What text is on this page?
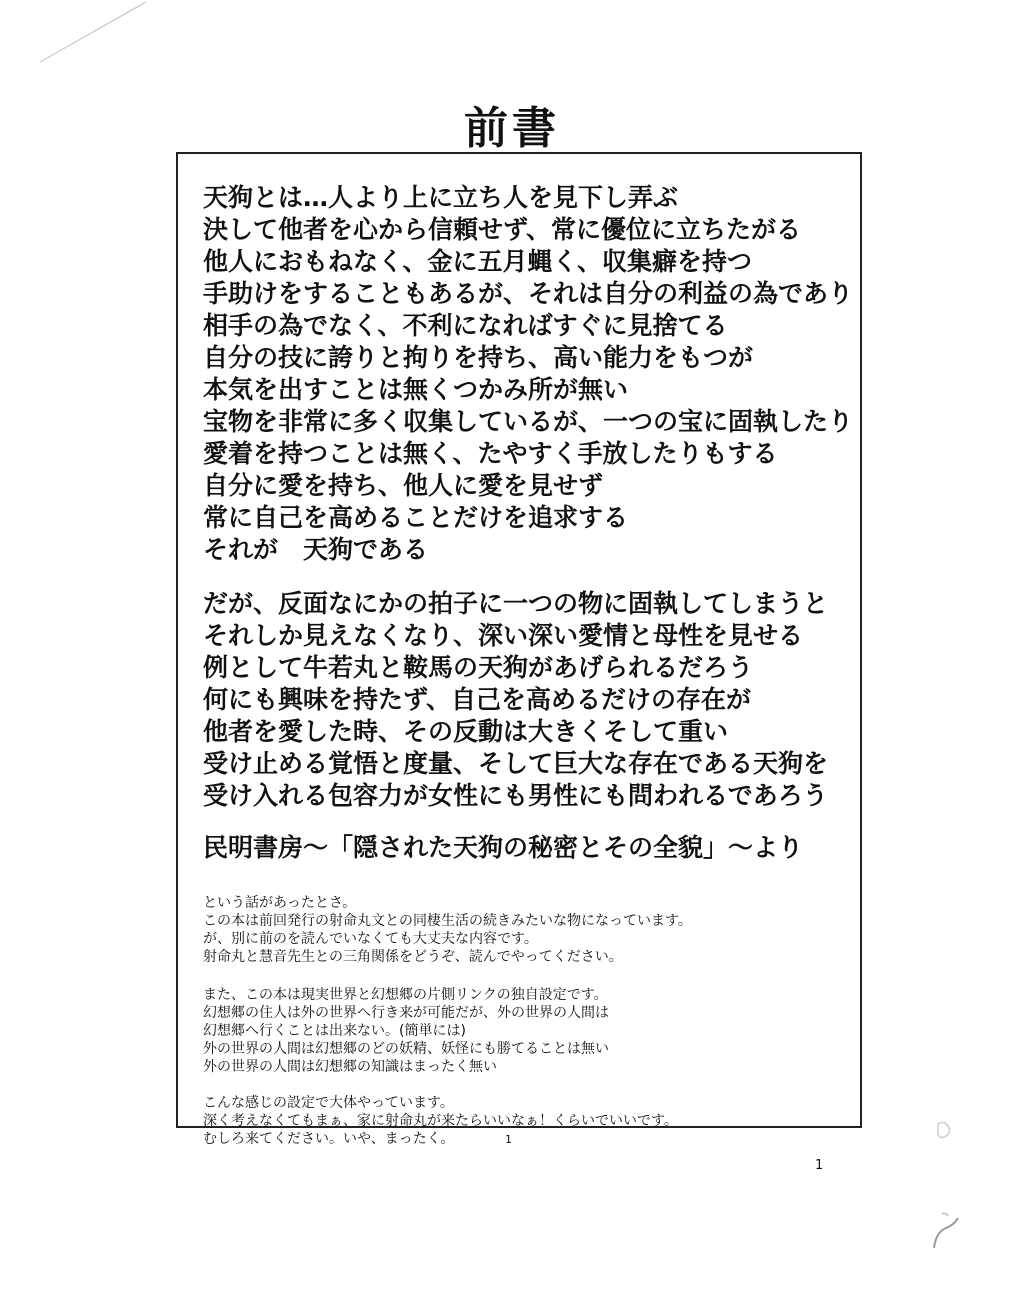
前書
天狗とは…人より上に立ち人を見下し弄ぶ
決して他者を心から信頼せず、常に優位に立ちたがる
他人におもねなく、金に五月蝿く、収集癖を持つ
手助けをすることもあるが、それは自分の利益の為であり
相手の為でなく、不利になればすぐに見捨てる
自分の技に誇りと拘りを持ち、高い能力をもつが
本気を出すことは無くつかみ所が無い
宝物を非常に多く収集しているが、一つの宝に固執したり
愛着を持つことは無く、たやすく手放したりもする
自分に愛を持ち、他人に愛を見せず
常に自己を高めることだけを追求する
それが　天狗である
だが、反面なにかの拍子に一つの物に固執してしまうと
それしか見えなくなり、深い深い愛情と母性を見せる
例として牛若丸と鞍馬の天狗があげられるだろう
何にも興味を持たず、自己を高めるだけの存在が
他者を愛した時、その反動は大きくそして重い
受け止める覚悟と度量、そして巨大な存在である天狗を
受け入れる包容力が女性にも男性にも問われるであろう
民明書房～「隠された天狗の秘密とその全貌」～より
という話があったとさ。
この本は前回発行の射命丸文との同棲生活の続きみたいな物になっています。
が、別に前のを読んでいなくても大丈夫な内容です。
射命丸と慧音先生との三角関係をどうぞ、読んでやってください。
また、この本は現実世界と幻想郷の片側リンクの独自設定です。
幻想郷の住人は外の世界へ行き来が可能だが、外の世界の人間は
幻想郷へ行くことは出来ない。(簡単には)
外の世界の人間は幻想郷のどの妖精、妖怪にも勝てることは無い
外の世界の人間は幻想郷の知識はまったく無い
こんな感じの設定で大体やっています。
深く考えなくてもまぁ、家に射命丸が来たらいいなぁ！くらいでいいです。
むしろ来てください。いや、まったく。	1
1
